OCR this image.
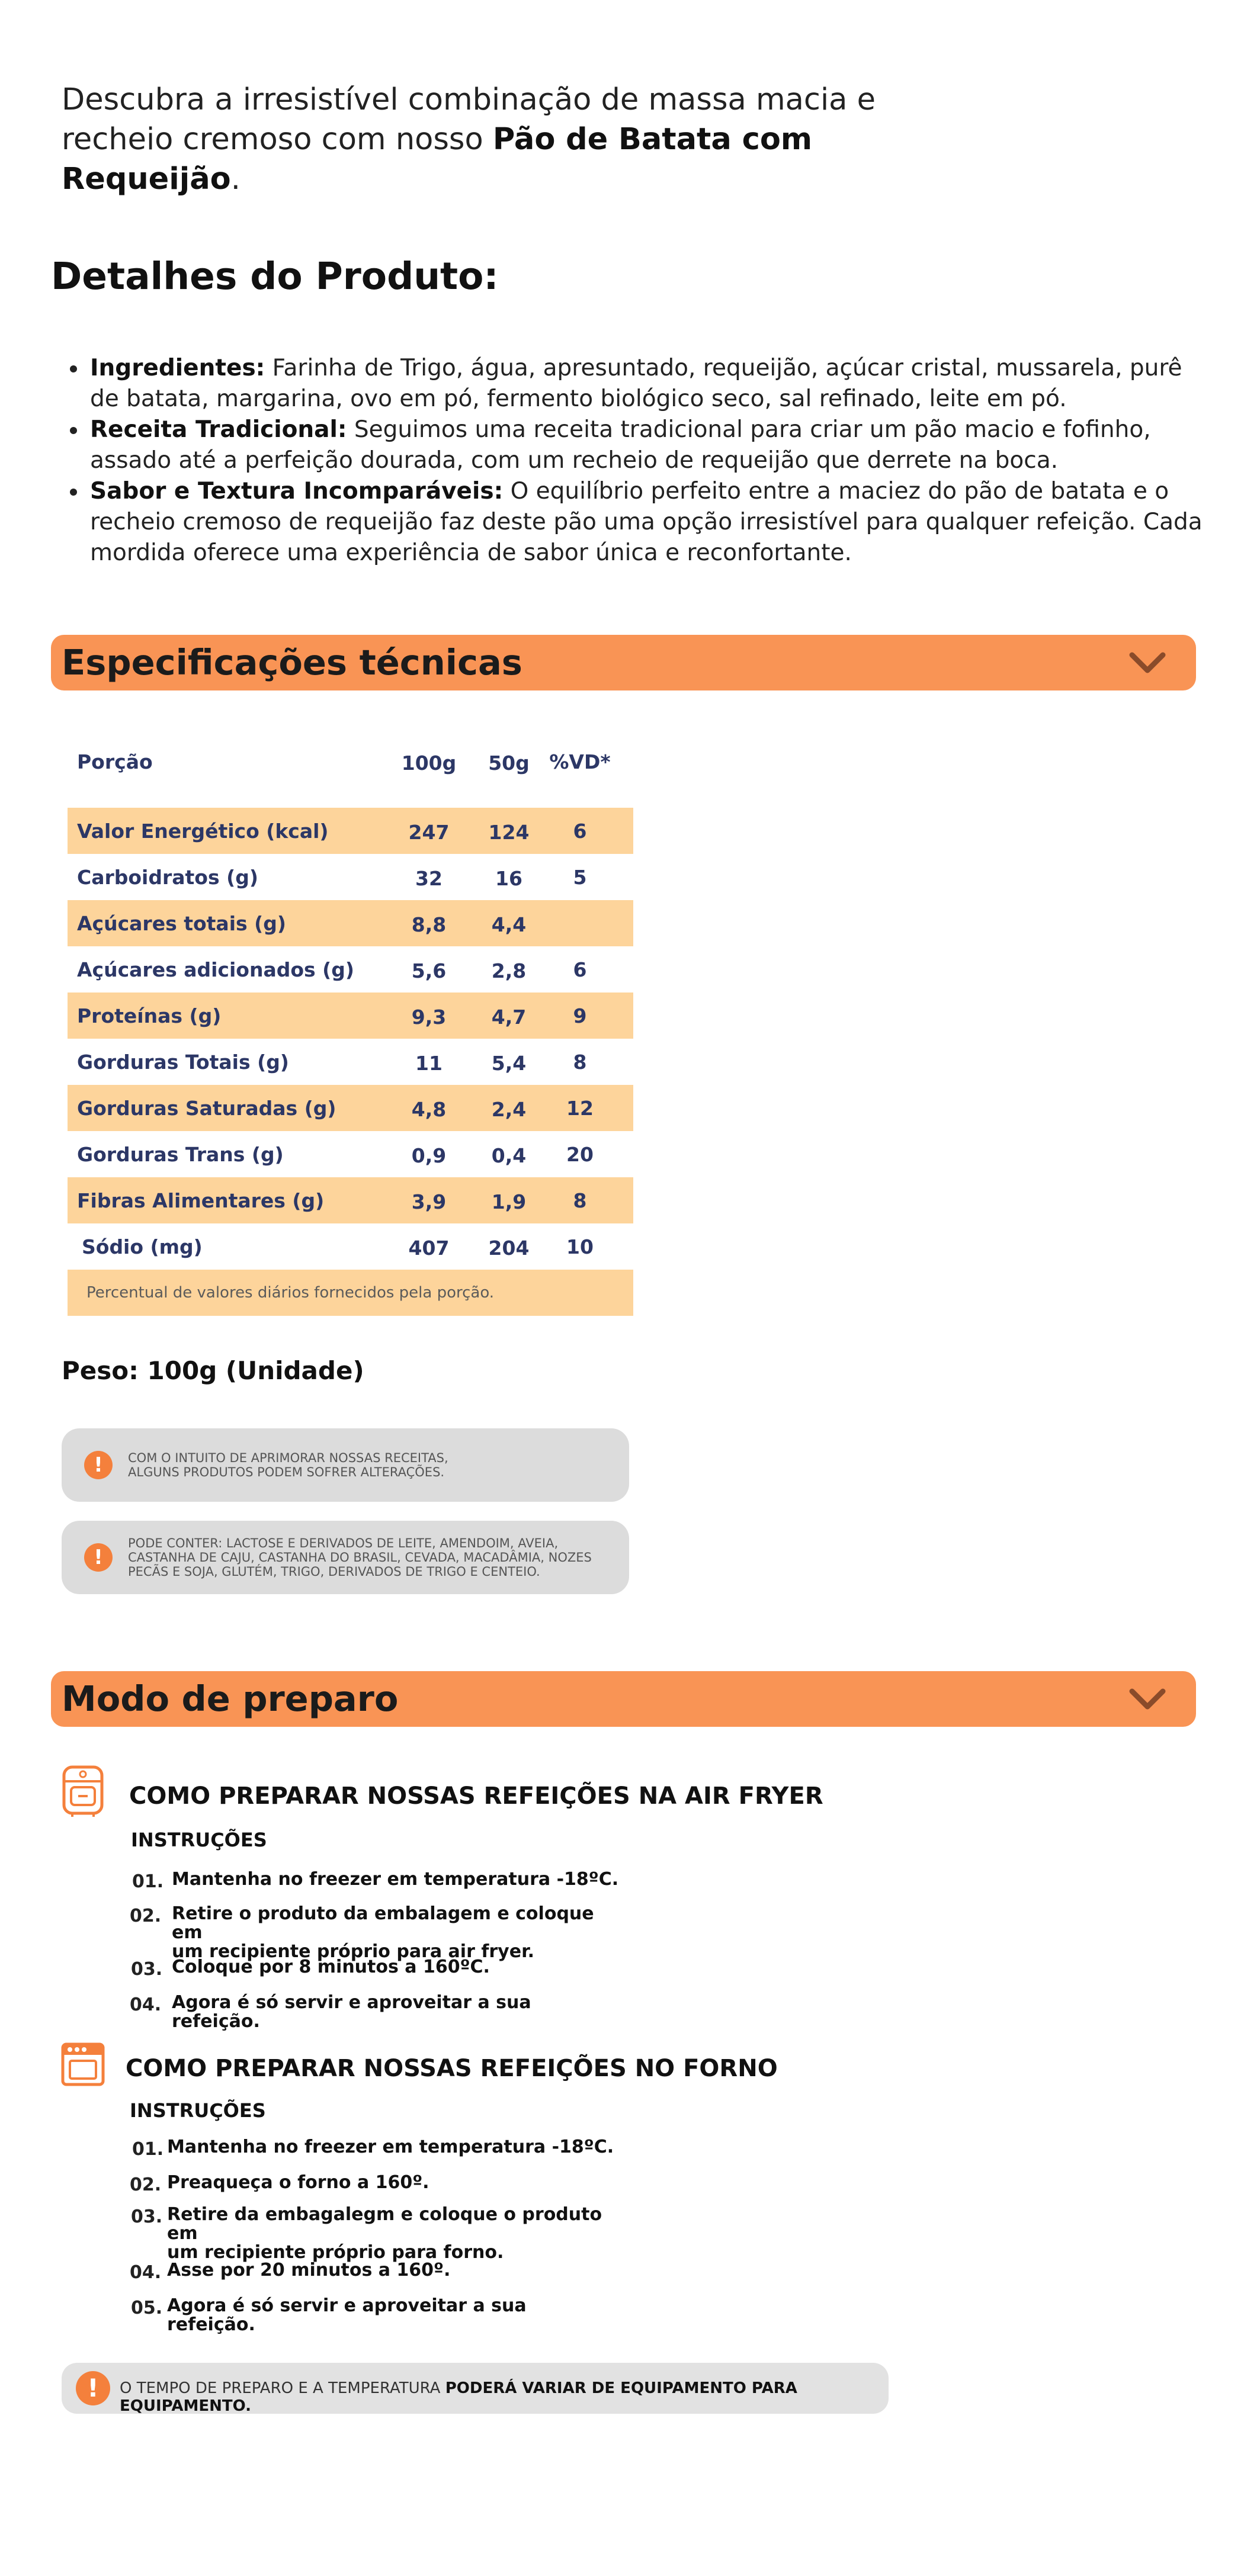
Descubra a irresistível combinação de massa macia e recheio cremoso com nosso Pão de Batata com Requeijão.
Detalhes do Produto:
• Ingredientes: Farinha de Trigo, água, apresuntado, requeijão, açúcar cristal, mussarela, purê de batata, margarina, ovo em pó, fermento biológico seco, sal refinado, leite em pó.
• Receita Tradicional: Seguimos uma receita tradicional para criar um pão macio e fofinho, assado até a perfeição dourada, com um recheio de requeijão que derrete na boca.
• Sabor e Textura Incomparáveis: O equilíbrio perfeito entre a maciez do pão de batata e o recheio cremoso de requeijão faz deste pão uma opção irresistível para qualquer refeição. Cada mordida oferece uma experiência de sabor única e reconfortante.
Especificações técnicas
Porção	100g	50g	%VD*
Valor Energético (kcal)	247	124	6
Carboidratos (g)	32	16	5
Açúcares totais (g)	8,8	4,4
Açúcares adicionados (g)	5,6	2,8	6
Proteínas (g)	9,3	4,7	9
Gorduras Totais (g)	11	5,4	8
Gorduras Saturadas (g)	4,8	2,4	12
Gorduras Trans (g)	0,9	0,4	20
Fibras Alimentares (g)	3,9	1,9	8
Sódio (mg)	407	204	10
Percentual de valores diários fornecidos pela porção.
Peso: 100g (Unidade)
!	COM O INTUITO DE APRIMORAR NOSSAS RECEITAS,
ALGUNS PRODUTOS PODEM SOFRER ALTERAÇÕES.
!
PODE CONTER: LACTOSE E DERIVADOS DE LEITE, AMENDOIM, AVEIA,
CASTANHA DE CAJU, CASTANHA DO BRASIL, CEVADA, MACADÂMIA, NOZES
PECÃS E SOJA, GLUTÉM, TRIGO, DERIVADOS DE TRIGO E CENTEIO.
Modo de preparo
COMO PREPARAR NOSSAS REFEIÇÕES NA AIR FRYER
INSTRUÇÕES
01. Mantenha no freezer em temperatura -18ºC.
02. Retire o produto da embalagem e coloque em
um recipiente próprio para air fryer.
03. Coloque por 8 minutos a 160ºC.
04. Agora é só servir e aproveitar a sua refeição.
COMO PREPARAR NOSSAS REFEIÇÕES NO FORNO
INSTRUÇÕES
01. Mantenha no freezer em temperatura -18ºC.
02. Preaqueça o forno a 160º.
03. Retire da embagalegm e coloque o produto em
um recipiente próprio para forno.
04. Asse por 20 minutos a 160º.
05. Agora é só servir e aproveitar a sua refeição.
!	O TEMPO DE PREPARO E A TEMPERATURA PODERÁ VARIAR DE EQUIPAMENTO PARA EQUIPAMENTO.
